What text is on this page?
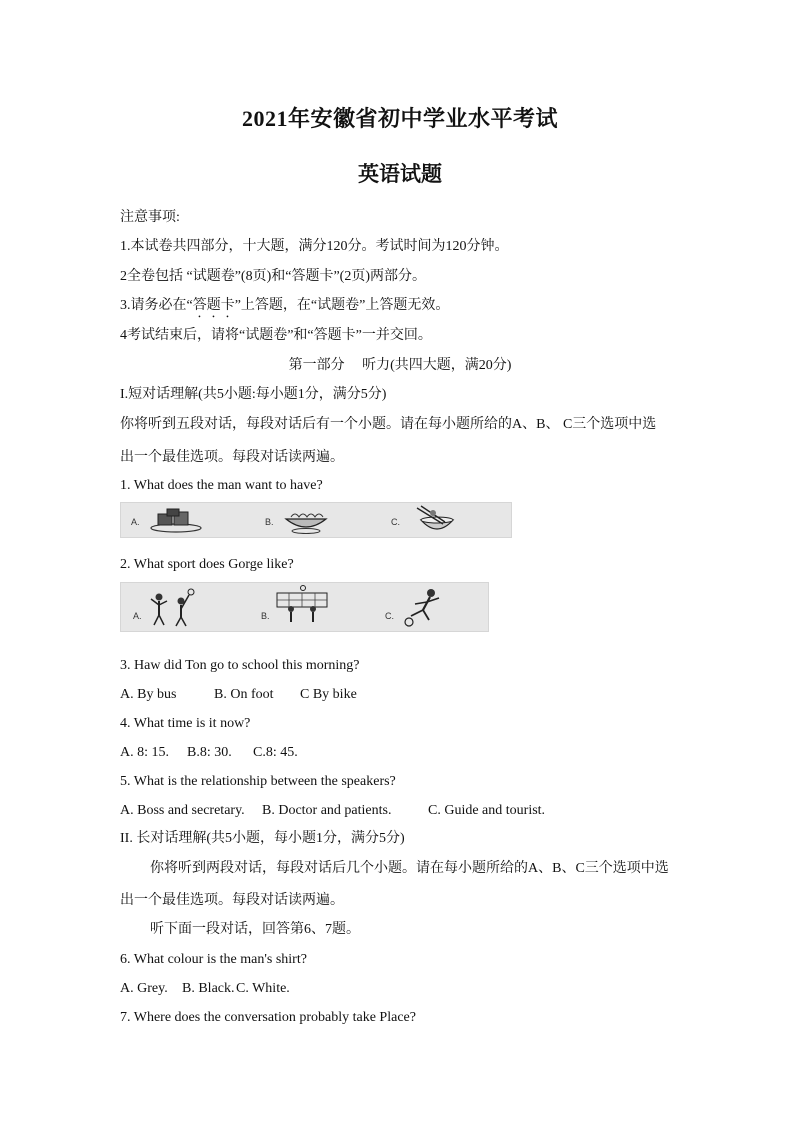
2021年安徽省初中学业水平考试
英语试题
注意事项:
1.本试卷共四部分，十大题，满分120分。考试时间为120分钟。
2全卷包括 “试题卷”(8页)和“答题卡”(2页)两部分。
3.请务必在“答题卡”上答题，在“试题卷”上答题无效。
4考试结束后，请将“试题卷”和“答题卡”一并交回。
第一部分　 听力(共四大题，满20分)
I.短对话理解(共5小题:每小题1分，满分5分)
你将听到五段对话，每段对话后有一个小题。请在每小题所给的A、B、 C三个选项中选
出一个最佳选项。每段对话读两遍。
1. What does the man want to have?
A.	B.	C.
2. What sport does Gorge like?
A.	B.	C.
3. Haw did Ton go to school this morning?
A. By bus	B. On foot C By bike
4. What time is it now?
A. 8: 15. B.8: 30. C.8: 45.
5. What is the relationship between the speakers?
A. Boss and secretary. B. Doctor and patients.	C. Guide and tourist.
II. 长对话理解(共5小题，每小题1分，满分5分)
你将听到两段对话，每段对话后几个小题。请在每小题所给的A、B、C三个选项中选
出一个最佳选项。每段对话读两遍。
听下面一段对话，回答第6、7题。
6. What colour is the man's shirt?
A. Grey. B. Black. C. White.
7. Where does the conversation probably take Place?
